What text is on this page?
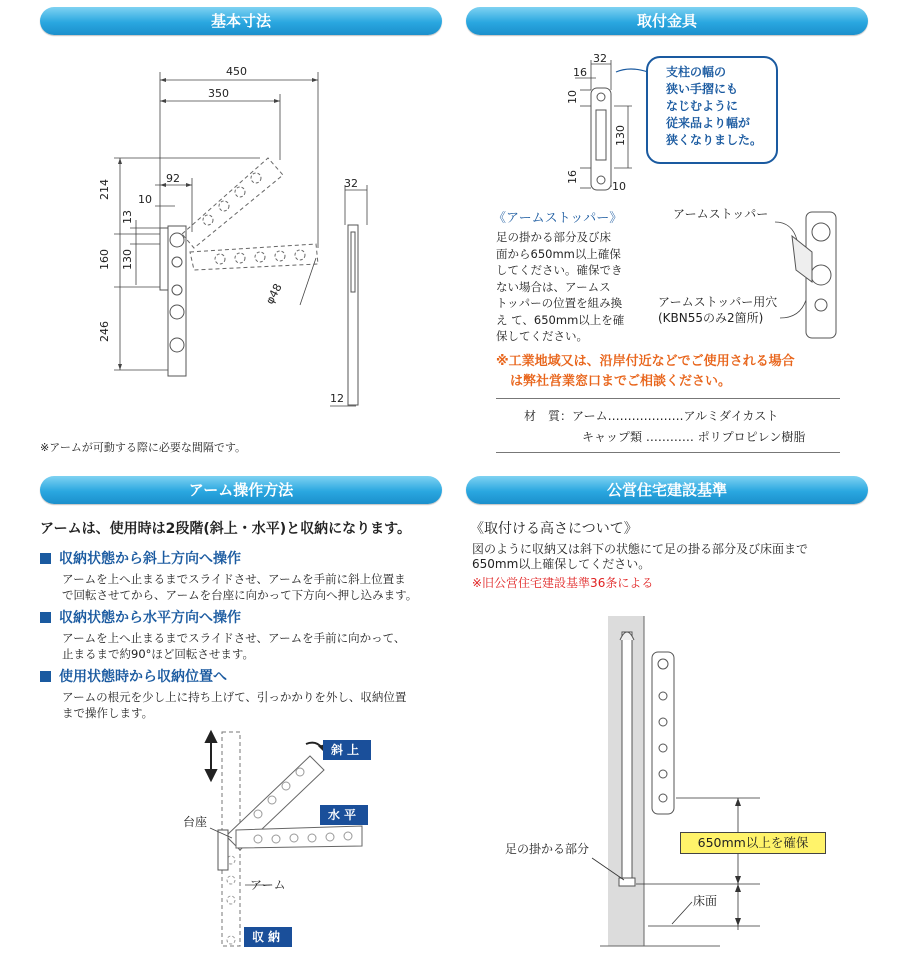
基本寸法	取付金具
アーム操作方法	公営住宅建設基準
450
350
92
10
214
13
160 130
246
32
φ48
12
※アームが可動する際に必要な間隔です。
32
16
10
130
16
10
支柱の幅の
狭い手摺にも
なじむように
従来品より幅が
狭くなりました。
《アームストッパー》
足の掛かる部分及び床
面から650mm以上確保
してください。確保でき
ない場合は、アームス
トッパーの位置を組み換
え て、650mm以上を確
保してください。
アームストッパー
アームストッパー用穴
(KBN55のみ2箇所)
※工業地域又は、沿岸付近などでご使用される場合
は弊社営業窓口までご相談ください。
材　質：アーム……………….アルミダイカスト
キャップ類 ………… ポリプロピレン樹脂
アームは、使用時は2段階(斜上・水平)と収納になります。
収納状態から斜上方向へ操作
アームを上へ止まるまでスライドさせ、アームを手前に斜上位置ま
で回転させてから、アームを台座に向かって下方向へ押し込みます。
収納状態から水平方向へ操作
アームを上へ止まるまでスライドさせ、アームを手前に向かって、
止まるまで約90°ほど回転させます。
使用状態時から収納位置へ
アームの根元を少し上に持ち上げて、引っかかりを外し、収納位置
まで操作します。
斜上
水平
収納
台座
アーム
《取付ける高さについて》
図のように収納又は斜下の状態にて足の掛る部分及び床面まで
650mm以上確保してください。
※旧公営住宅建設基準36条による
650mm以上を確保
足の掛かる部分
床面
